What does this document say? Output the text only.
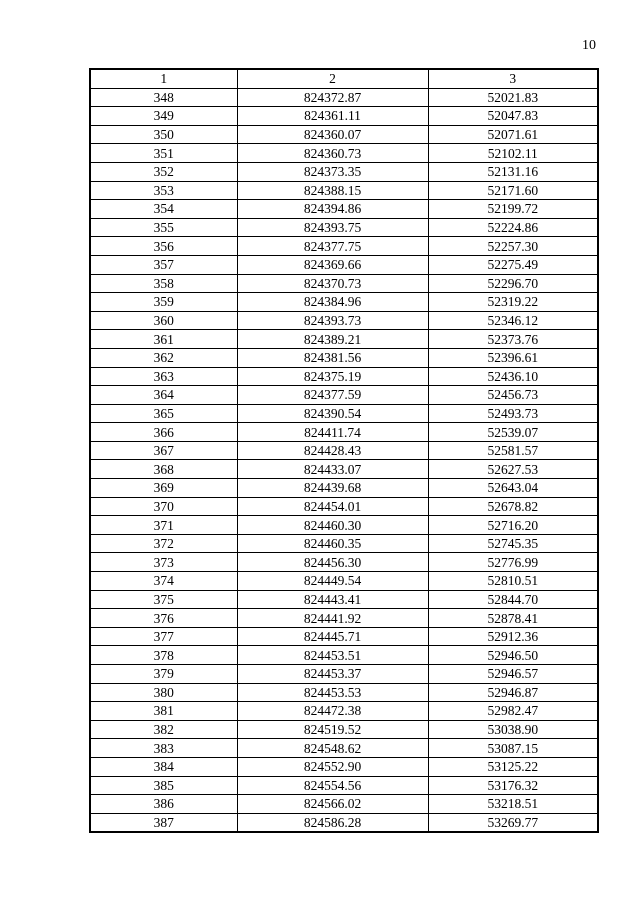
10
1	2	3
348	824372.87	52021.83
349	824361.11	52047.83
350	824360.07	52071.61
351	824360.73	52102.11
352	824373.35	52131.16
353	824388.15	52171.60
354	824394.86	52199.72
355	824393.75	52224.86
356	824377.75	52257.30
357	824369.66	52275.49
358	824370.73	52296.70
359	824384.96	52319.22
360	824393.73	52346.12
361	824389.21	52373.76
362	824381.56	52396.61
363	824375.19	52436.10
364	824377.59	52456.73
365	824390.54	52493.73
366	824411.74	52539.07
367	824428.43	52581.57
368	824433.07	52627.53
369	824439.68	52643.04
370	824454.01	52678.82
371	824460.30	52716.20
372	824460.35	52745.35
373	824456.30	52776.99
374	824449.54	52810.51
375	824443.41	52844.70
376	824441.92	52878.41
377	824445.71	52912.36
378	824453.51	52946.50
379	824453.37	52946.57
380	824453.53	52946.87
381	824472.38	52982.47
382	824519.52	53038.90
383	824548.62	53087.15
384	824552.90	53125.22
385	824554.56	53176.32
386	824566.02	53218.51
387	824586.28	53269.77
